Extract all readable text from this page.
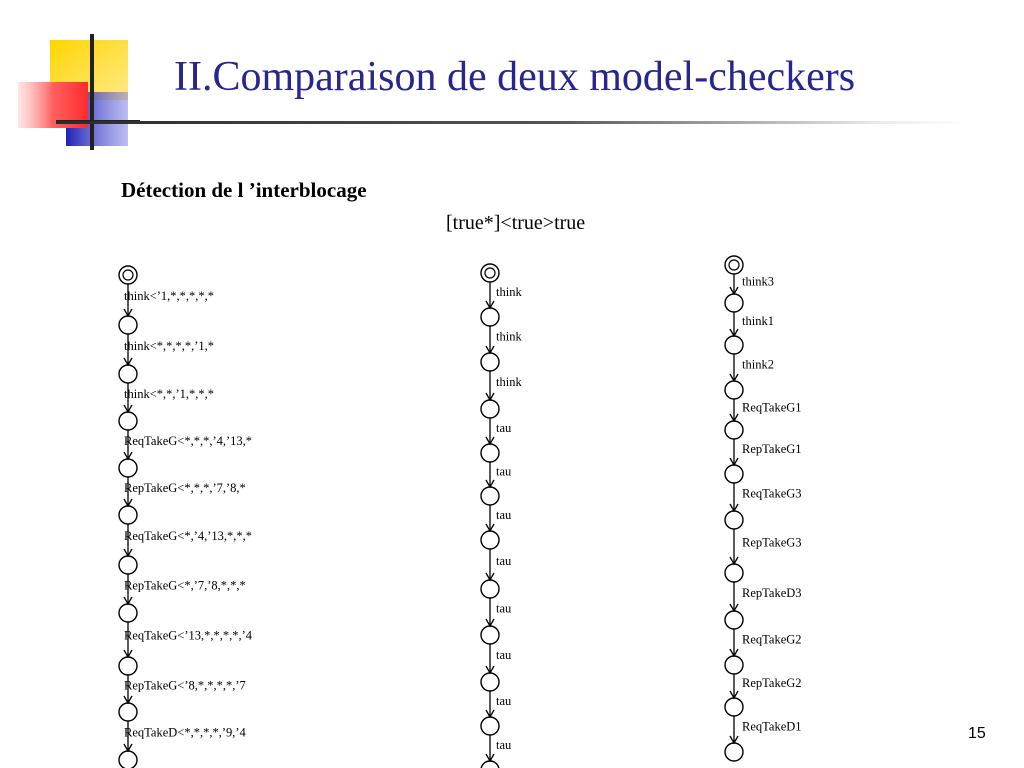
II.Comparaison de deux model-checkers
Détection de l ’interblocage
[true*]<true>true
think<’1,*,*,*,*,*
think<*,*,*,*,’1,*
think<*,*,’1,*,*,*
ReqTakeG<*,*,*,’4,’13,*
RepTakeG<*,*,*,’7,’8,*
ReqTakeG<*,’4,’13,*,*,*
RepTakeG<*,’7,’8,*,*,*
ReqTakeG<’13,*,*,*,*,’4
RepTakeG<’8,*,*,*,*,’7
ReqTakeD<*,*,*,*,’9,’4
think
think
think
tau
tau
tau
tau
tau
tau
tau
tau
think3
think1
think2
ReqTakeG1
RepTakeG1
ReqTakeG3
RepTakeG3
RepTakeD3
ReqTakeG2
RepTakeG2
ReqTakeD1	15
